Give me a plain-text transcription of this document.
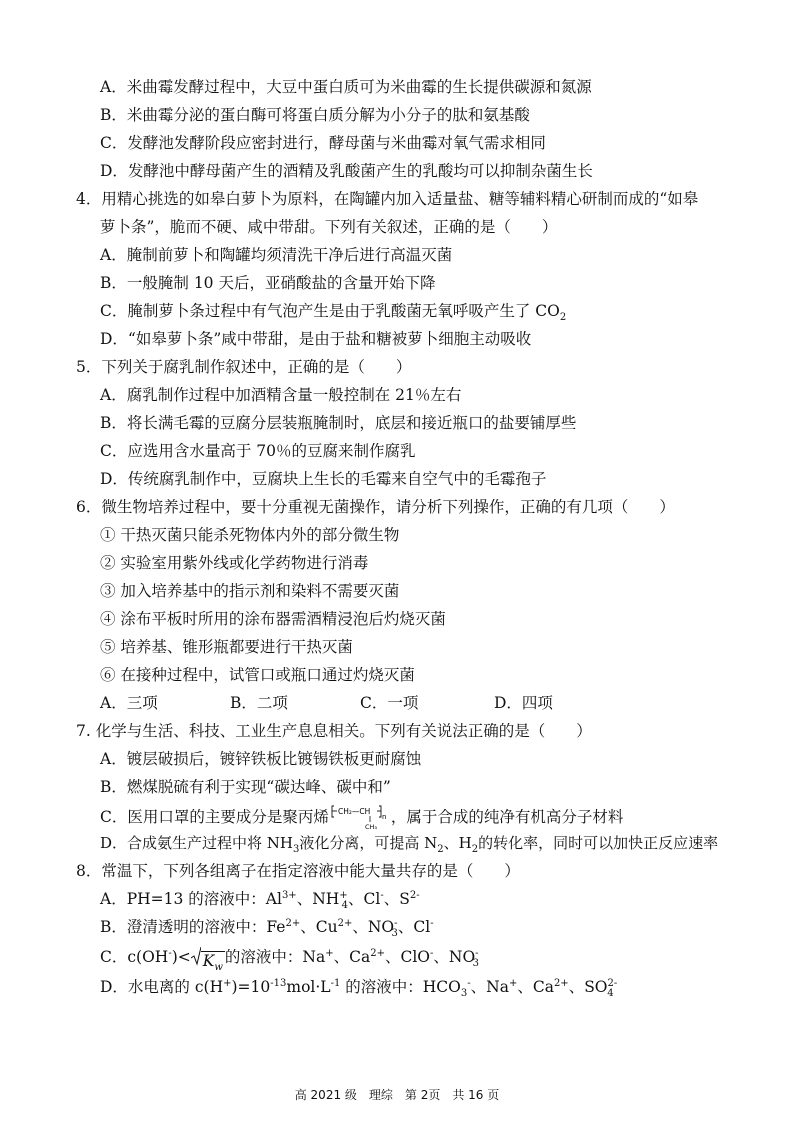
A．米曲霉发酵过程中，大豆中蛋白质可为米曲霉的生长提供碳源和氮源
B．米曲霉分泌的蛋白酶可将蛋白质分解为小分子的肽和氨基酸
C．发酵池发酵阶段应密封进行，酵母菌与米曲霉对氧气需求相同
D．发酵池中酵母菌产生的酒精及乳酸菌产生的乳酸均可以抑制杂菌生长
4．用精心挑选的如皋白萝卜为原料，在陶罐内加入适量盐、糖等辅料精心研制而成的“如皋
萝卜条”，脆而不硬、咸中带甜。下列有关叙述，正确的是（　　）
A．腌制前萝卜和陶罐均须清洗干净后进行高温灭菌
B．一般腌制 10 天后，亚硝酸盐的含量开始下降
C．腌制萝卜条过程中有气泡产生是由于乳酸菌无氧呼吸产生了 $CO_2$
D．“如皋萝卜条”咸中带甜，是由于盐和糖被萝卜细胞主动吸收
5．下列关于腐乳制作叙述中，正确的是（　　）
A．腐乳制作过程中加酒精含量一般控制在 21％左右
B．将长满毛霉的豆腐分层装瓶腌制时，底层和接近瓶口的盐要铺厚些
C．应选用含水量高于 70％的豆腐来制作腐乳
D．传统腐乳制作中，豆腐块上生长的毛霉来自空气中的毛霉孢子
6．微生物培养过程中，要十分重视无菌操作，请分析下列操作，正确的有几项（　　）
① 干热灭菌只能杀死物体内外的部分微生物
② 实验室用紫外线或化学药物进行消毒
③ 加入培养基中的指示剂和染料不需要灭菌
④ 涂布平板时所用的涂布器需酒精浸泡后灼烧灭菌
⑤ 培养基、锥形瓶都要进行干热灭菌
⑥ 在接种过程中，试管口或瓶口通过灼烧灭菌
A．三项	B．二项	C．一项	D．四项
7. 化学与生活、科技、工业生产息息相关。下列有关说法正确的是（　　）
A．镀层破损后，镀锌铁板比镀锡铁板更耐腐蚀
B．燃煤脱硫有利于实现“碳达峰、碳中和”
C．医用口罩的主要成分是聚丙烯 CH₂—CH
CH₃
n ，属于合成的纯净有机高分子材料
D．合成氨生产过程中将 $NH_3$液化分离，可提高 $N_2$、$H_2$的转化率，同时可以加快正反应速率
8．常温下，下列各组离子在指定溶液中能大量共存的是（　　）
A．PH=13 的溶液中：$Al^{3+}$、$NH^+_4$、Cl-、$S^{2-}$
B．澄清透明的溶液中：$Fe^{2+}$、$Cu^{2+}$、$NO^-_3$、Cl-
C．$c(OH^-)< K_w$的溶液中：Na+、$Ca^{2+}$、ClO-、$NO^-_3$
D．水电离的 $c(H^+)=10^{-13}mol\cdot L^{-1}$ 的溶液中：$HCO_3^-$、Na+、$Ca^{2+}$、$SO^{2-}_4$
高 2021 级　理综　第 2页　共 16 页
